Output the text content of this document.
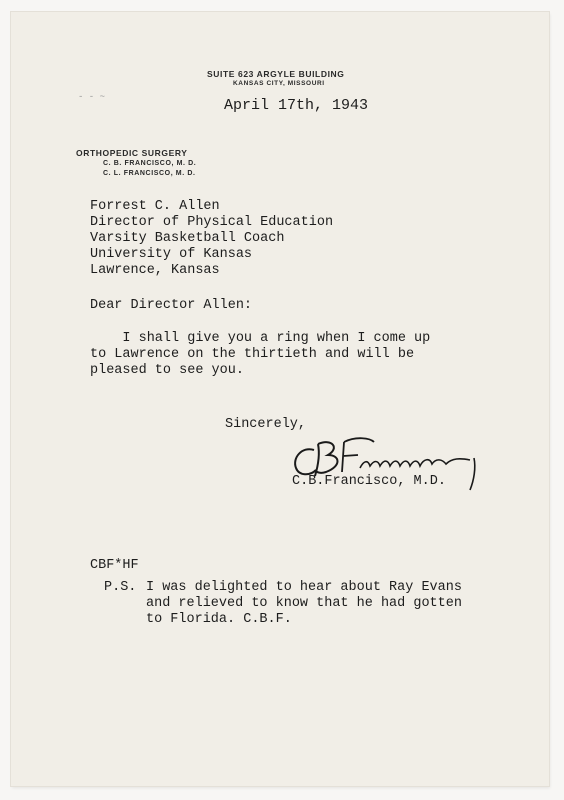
- - ~
SUITE 623 ARGYLE BUILDING
KANSAS CITY, MISSOURI
April 17th, 1943
ORTHOPEDIC SURGERY
C. B. FRANCISCO, M. D.
C. L. FRANCISCO, M. D.
Forrest C. Allen
Director of Physical Education
Varsity Basketball Coach
University of Kansas
Lawrence, Kansas
Dear Director Allen:
I shall give you a ring when I come up
to Lawrence on the thirtieth and will be
pleased to see you.
Sincerely,
C.B.Francisco, M.D.
CBF*HF
P.S. I was delighted to hear about Ray Evans
and relieved to know that he had gotten
to Florida. C.B.F.
